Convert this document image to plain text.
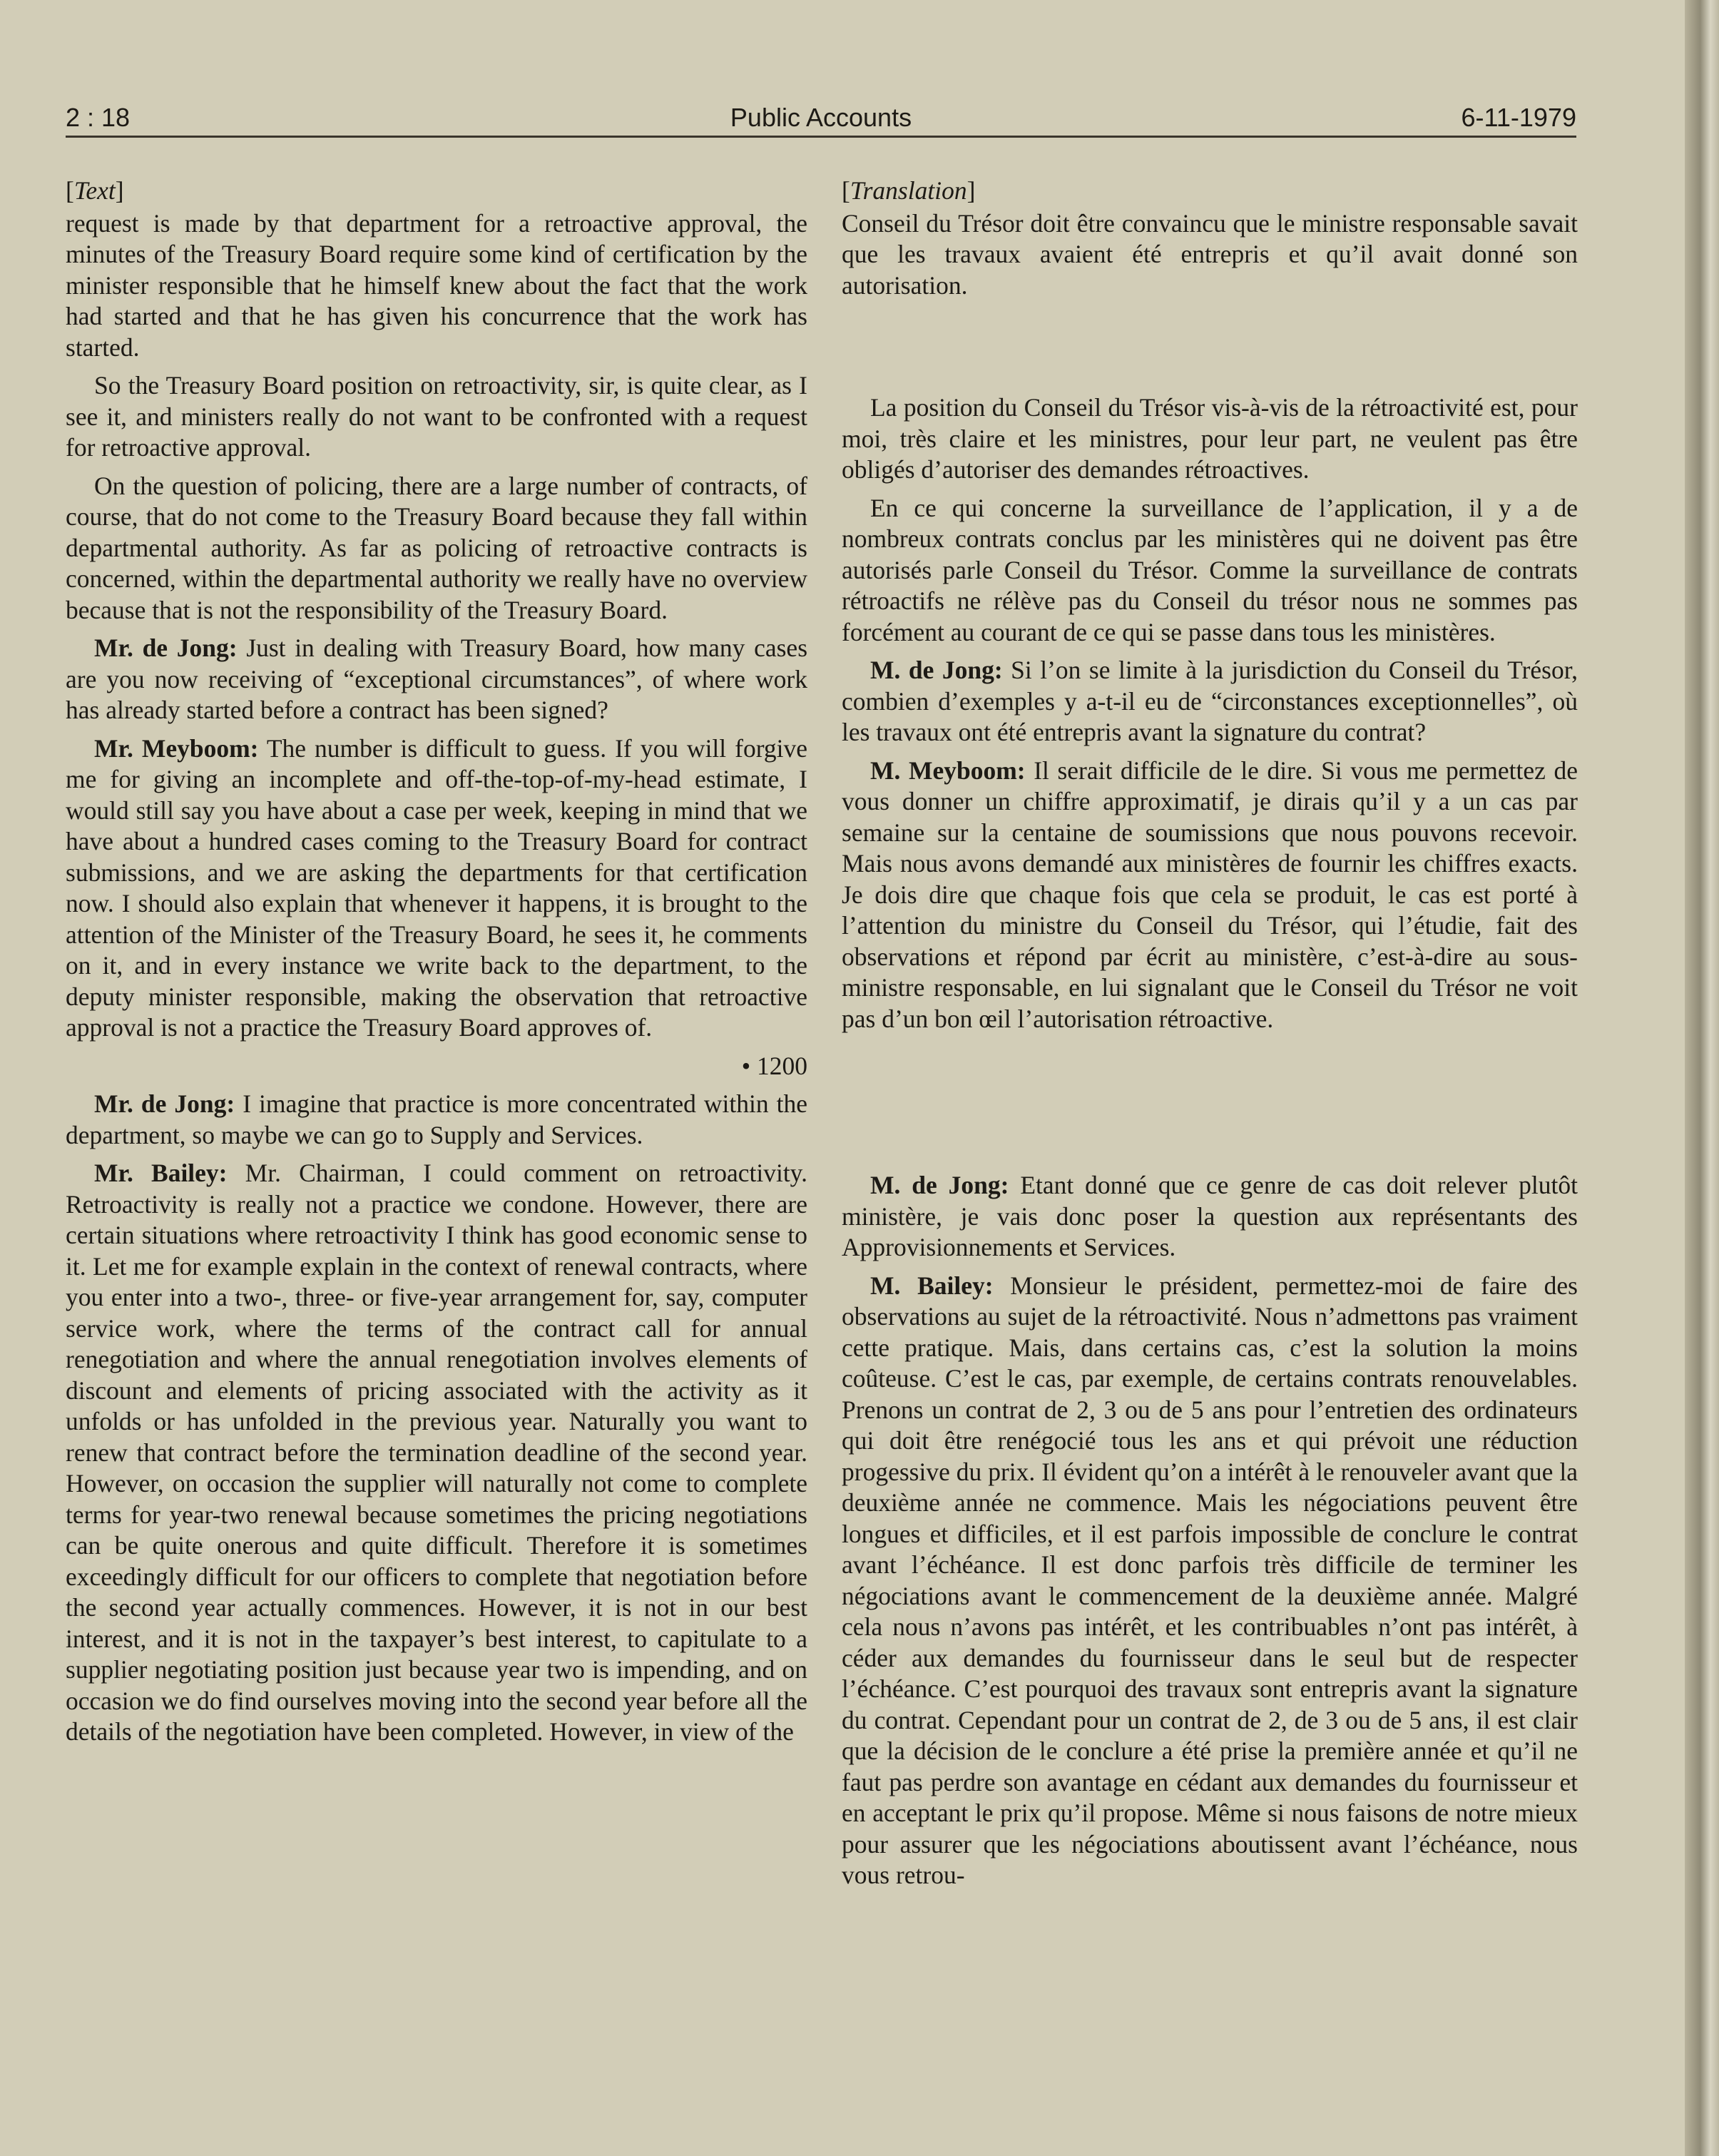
2 : 18	Public Accounts	6-11-1979

[Text]

request is made by that department for a retroactive approval, the minutes of the Treasury Board require some kind of certification by the minister responsible that he himself knew about the fact that the work had started and that he has given his concurrence that the work has started.

So the Treasury Board position on retroactivity, sir, is quite clear, as I see it, and ministers really do not want to be confronted with a request for retroactive approval.

On the question of policing, there are a large number of contracts, of course, that do not come to the Treasury Board because they fall within departmental authority. As far as policing of retroactive contracts is concerned, within the departmental authority we really have no overview because that is not the responsibility of the Treasury Board.

Mr. de Jong: Just in dealing with Treasury Board, how many cases are you now receiving of “exceptional circumstances”, of where work has already started before a contract has been signed?

Mr. Meyboom: The number is difficult to guess. If you will forgive me for giving an incomplete and off-the-top-of-my-head estimate, I would still say you have about a case per week, keeping in mind that we have about a hundred cases coming to the Treasury Board for contract submissions, and we are asking the departments for that certification now. I should also explain that whenever it happens, it is brought to the attention of the Minister of the Treasury Board, he sees it, he comments on it, and in every instance we write back to the department, to the deputy minister responsible, making the observation that retroactive approval is not a practice the Treasury Board approves of.

• 1200

Mr. de Jong: I imagine that practice is more concentrated within the department, so maybe we can go to Supply and Services.

Mr. Bailey: Mr. Chairman, I could comment on retroactivity. Retroactivity is really not a practice we condone. However, there are certain situations where retroactivity I think has good economic sense to it. Let me for example explain in the context of renewal contracts, where you enter into a two-, three- or five-year arrangement for, say, computer service work, where the terms of the contract call for annual renegotiation and where the annual renegotiation involves elements of discount and elements of pricing associated with the activity as it unfolds or has unfolded in the previous year. Naturally you want to renew that contract before the termination deadline of the second year. However, on occasion the supplier will naturally not come to complete terms for year-two renewal because sometimes the pricing negotiations can be quite onerous and quite difficult. Therefore it is sometimes exceedingly difficult for our officers to complete that negotiation before the second year actually commences. However, it is not in our best interest, and it is not in the taxpayer’s best interest, to capitulate to a supplier negotiating position just because year two is impending, and on occasion we do find ourselves moving into the second year before all the details of the negotiation have been completed. However, in view of the

[Translation]

Conseil du Trésor doit être convaincu que le ministre responsable savait que les travaux avaient été entrepris et qu’il avait donné son autorisation.

La position du Conseil du Trésor vis-à-vis de la rétroactivité est, pour moi, très claire et les ministres, pour leur part, ne veulent pas être obligés d’autoriser des demandes rétroactives.

En ce qui concerne la surveillance de l’application, il y a de nombreux contrats conclus par les ministères qui ne doivent pas être autorisés parle Conseil du Trésor. Comme la surveillance de contrats rétroactifs ne rélève pas du Conseil du trésor nous ne sommes pas forcément au courant de ce qui se passe dans tous les ministères.

M. de Jong: Si l’on se limite à la jurisdiction du Conseil du Trésor, combien d’exemples y a-t-il eu de “circonstances exceptionnelles”, où les travaux ont été entrepris avant la signature du contrat?

M. Meyboom: Il serait difficile de le dire. Si vous me permettez de vous donner un chiffre approximatif, je dirais qu’il y a un cas par semaine sur la centaine de soumissions que nous pouvons recevoir. Mais nous avons demandé aux ministères de fournir les chiffres exacts. Je dois dire que chaque fois que cela se produit, le cas est porté à l’attention du ministre du Conseil du Trésor, qui l’étudie, fait des observations et répond par écrit au ministère, c’est-à-dire au sous-ministre responsable, en lui signalant que le Conseil du Trésor ne voit pas d’un bon œil l’autorisation rétroactive.

M. de Jong: Etant donné que ce genre de cas doit relever plutôt ministère, je vais donc poser la question aux représentants des Approvisionnements et Services.

M. Bailey: Monsieur le président, permettez-moi de faire des observations au sujet de la rétroactivité. Nous n’admettons pas vraiment cette pratique. Mais, dans certains cas, c’est la solution la moins coûteuse. C’est le cas, par exemple, de certains contrats renouvelables. Prenons un contrat de 2, 3 ou de 5 ans pour l’entretien des ordinateurs qui doit être renégocié tous les ans et qui prévoit une réduction progessive du prix. Il évident qu’on a intérêt à le renouveler avant que la deuxième année ne commence. Mais les négociations peuvent être longues et difficiles, et il est parfois impossible de conclure le contrat avant l’échéance. Il est donc parfois très difficile de terminer les négociations avant le commencement de la deuxième année. Malgré cela nous n’avons pas intérêt, et les contribuables n’ont pas intérêt, à céder aux demandes du fournisseur dans le seul but de respecter l’échéance. C’est pourquoi des travaux sont entrepris avant la signature du contrat. Cependant pour un contrat de 2, de 3 ou de 5 ans, il est clair que la décision de le conclure a été prise la première année et qu’il ne faut pas perdre son avantage en cédant aux demandes du fournisseur et en acceptant le prix qu’il propose. Même si nous faisons de notre mieux pour assurer que les négociations aboutissent avant l’échéance, nous vous retrou-
